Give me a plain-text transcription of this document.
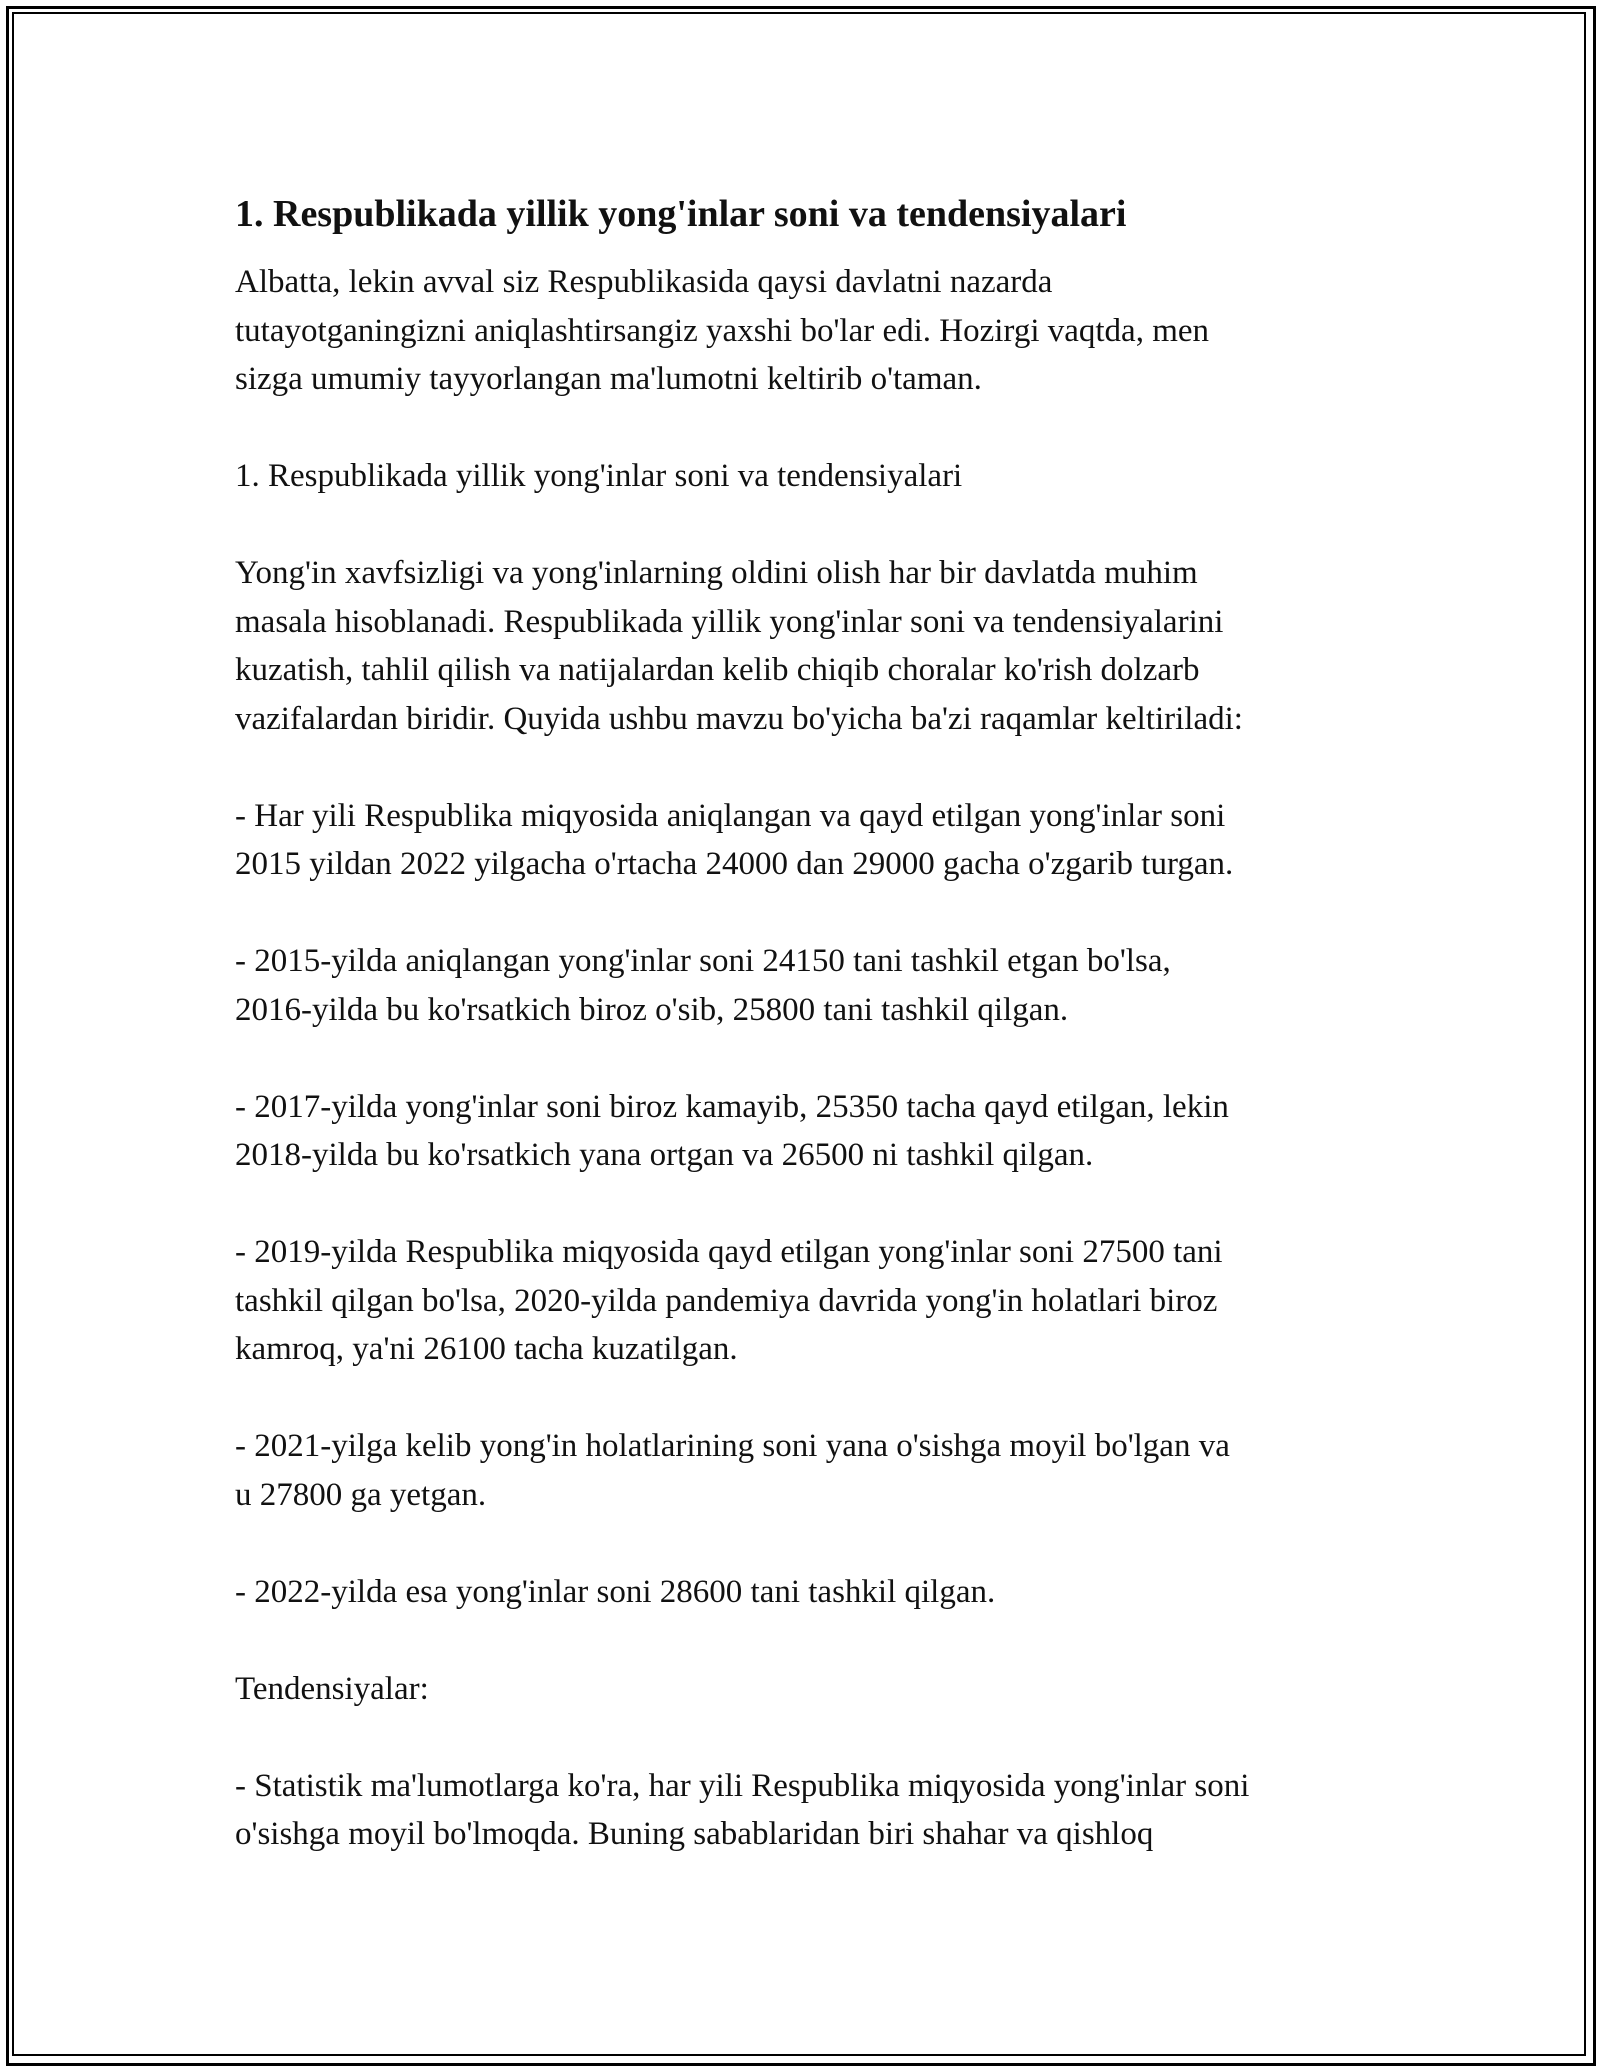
1. Respublikada yillik yong'inlar soni va tendensiyalari
Albatta, lekin avval siz Respublikasida qaysi davlatni nazarda
tutayotganingizni aniqlashtirsangiz yaxshi bo'lar edi. Hozirgi vaqtda, men
sizga umumiy tayyorlangan ma'lumotni keltirib o'taman.
1. Respublikada yillik yong'inlar soni va tendensiyalari
Yong'in xavfsizligi va yong'inlarning oldini olish har bir davlatda muhim
masala hisoblanadi. Respublikada yillik yong'inlar soni va tendensiyalarini
kuzatish, tahlil qilish va natijalardan kelib chiqib choralar ko'rish dolzarb
vazifalardan biridir. Quyida ushbu mavzu bo'yicha ba'zi raqamlar keltiriladi:
- Har yili Respublika miqyosida aniqlangan va qayd etilgan yong'inlar soni
2015 yildan 2022 yilgacha o'rtacha 24000 dan 29000 gacha o'zgarib turgan.
- 2015-yilda aniqlangan yong'inlar soni 24150 tani tashkil etgan bo'lsa,
2016-yilda bu ko'rsatkich biroz o'sib, 25800 tani tashkil qilgan.
- 2017-yilda yong'inlar soni biroz kamayib, 25350 tacha qayd etilgan, lekin
2018-yilda bu ko'rsatkich yana ortgan va 26500 ni tashkil qilgan.
- 2019-yilda Respublika miqyosida qayd etilgan yong'inlar soni 27500 tani
tashkil qilgan bo'lsa, 2020-yilda pandemiya davrida yong'in holatlari biroz
kamroq, ya'ni 26100 tacha kuzatilgan.
- 2021-yilga kelib yong'in holatlarining soni yana o'sishga moyil bo'lgan va
u 27800 ga yetgan.
- 2022-yilda esa yong'inlar soni 28600 tani tashkil qilgan.
Tendensiyalar:
- Statistik ma'lumotlarga ko'ra, har yili Respublika miqyosida yong'inlar soni
o'sishga moyil bo'lmoqda. Buning sabablaridan biri shahar va qishloq
